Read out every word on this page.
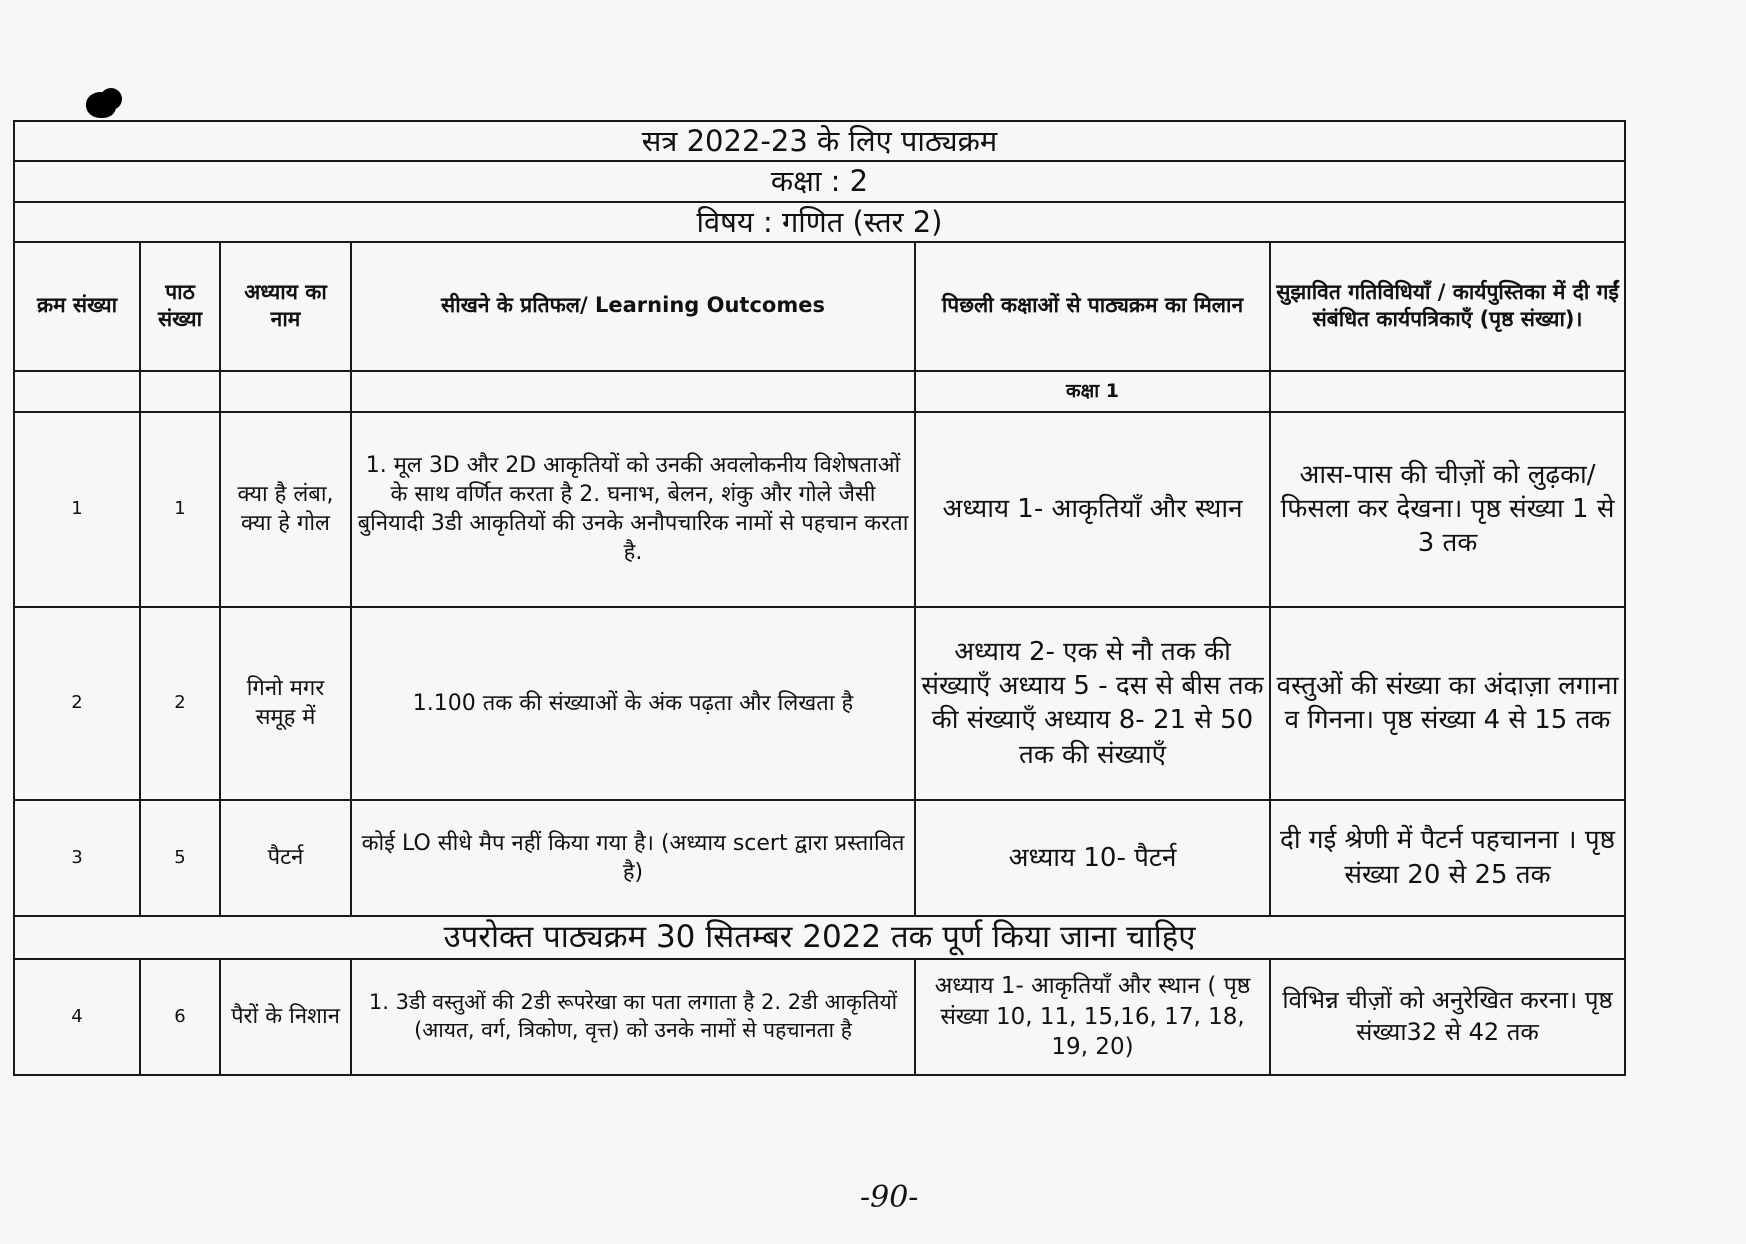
सत्र 2022-23 के लिए पाठ्यक्रम					
कक्षा : 2					
विषय : गणित (स्तर 2)					
क्रम संख्या	पाठ संख्या	अध्याय का नाम	सीखने के प्रतिफल/ Learning Outcomes	पिछली कक्षाओं से पाठ्यक्रम का मिलान	सुझावित गतिविधियाँ / कार्यपुस्तिका में दी गईं संबंधित कार्यपत्रिकाएँ (पृष्ठ संख्या)।
				कक्षा 1	
1	1	क्या है लंबा, क्या हे गोल	1. मूल 3D और 2D आकृतियों को उनकी अवलोकनीय विशेषताओं के साथ वर्णित करता है 2. घनाभ, बेलन, शंकु और गोले जैसी बुनियादी 3डी आकृतियों की उनके अनौपचारिक नामों से पहचान करता है.	अध्याय 1- आकृतियाँ और स्थान	आस-पास की चीज़ों को लुढ़का/ फिसला कर देखना। पृष्ठ संख्या 1 से 3 तक
2	2	गिनो मगर समूह में	1.100 तक की संख्याओं के अंक पढ़ता और लिखता है	अध्याय 2- एक से नौ तक की संख्याएँ अध्याय 5 - दस से बीस तक की संख्याएँ अध्याय 8- 21 से 50 तक की संख्याएँ	वस्तुओं की संख्या का अंदाज़ा लगाना व गिनना। पृष्ठ संख्या 4 से 15 तक
3	5	पैटर्न	कोई LO सीधे मैप नहीं किया गया है। (अध्याय scert द्वारा प्रस्तावित है)	अध्याय 10- पैटर्न	दी गई श्रेणी में पैटर्न पहचानना । पृष्ठ संख्या 20 से 25 तक
उपरोक्त पाठ्यक्रम 30 सितम्बर 2022 तक पूर्ण किया जाना चाहिए					
4	6	पैरों के निशान	1. 3डी वस्तुओं की 2डी रूपरेखा का पता लगाता है 2. 2डी आकृतियों (आयत, वर्ग, त्रिकोण, वृत्त) को उनके नामों से पहचानता है	अध्याय 1- आकृतियाँ और स्थान ( पृष्ठ संख्या 10, 11, 15,16, 17, 18, 19, 20)	विभिन्न चीज़ों को अनुरेखित करना। पृष्ठ संख्या32 से 42 तक
-90-
